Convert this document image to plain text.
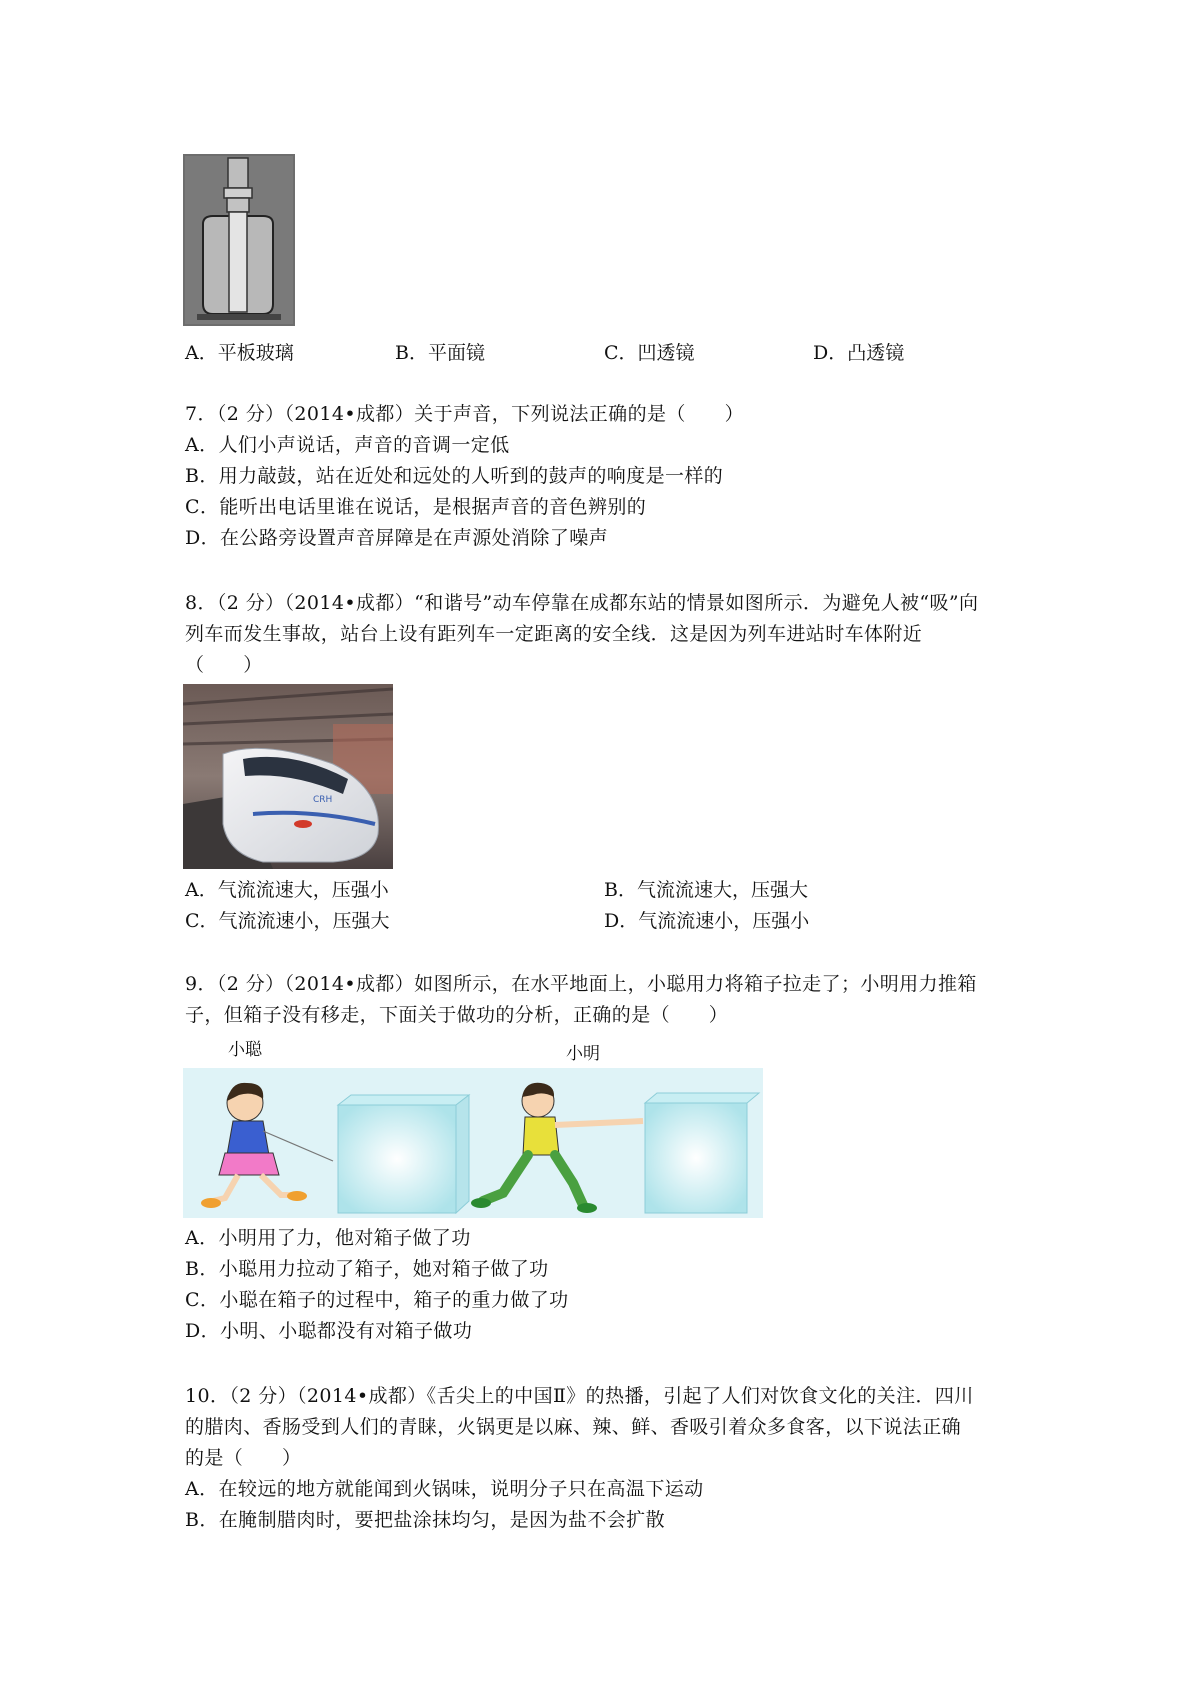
A．平板玻璃	B．平面镜	C．凹透镜	D．凸透镜
7．（2 分）（2014•成都）关于声音，下列说法正确的是（　　）
A．人们小声说话，声音的音调一定低
B．用力敲鼓，站在近处和远处的人听到的鼓声的响度是一样的
C．能听出电话里谁在说话，是根据声音的音色辨别的
D．在公路旁设置声音屏障是在声源处消除了噪声
8．（2 分）（2014•成都）“和谐号”动车停靠在成都东站的情景如图所示．为避免人被“吸”向
列车而发生事故，站台上设有距列车一定距离的安全线．这是因为列车进站时车体附近
（　　）
CRH
A．气流流速大，压强小	B．气流流速大，压强大
C．气流流速小，压强大	D．气流流速小，压强小
9．（2 分）（2014•成都）如图所示，在水平地面上，小聪用力将箱子拉走了；小明用力推箱
子，但箱子没有移走，下面关于做功的分析，正确的是（　　）
小聪	小明
A．小明用了力，他对箱子做了功
B．小聪用力拉动了箱子，她对箱子做了功
C．小聪在箱子的过程中，箱子的重力做了功
D．小明、小聪都没有对箱子做功
10．（2 分）（2014•成都）《舌尖上的中国Ⅱ》的热播，引起了人们对饮食文化的关注．四川
的腊肉、香肠受到人们的青睐，火锅更是以麻、辣、鲜、香吸引着众多食客，以下说法正确
的是（　　）
A．在较远的地方就能闻到火锅味，说明分子只在高温下运动
B．在腌制腊肉时，要把盐涂抹均匀，是因为盐不会扩散
